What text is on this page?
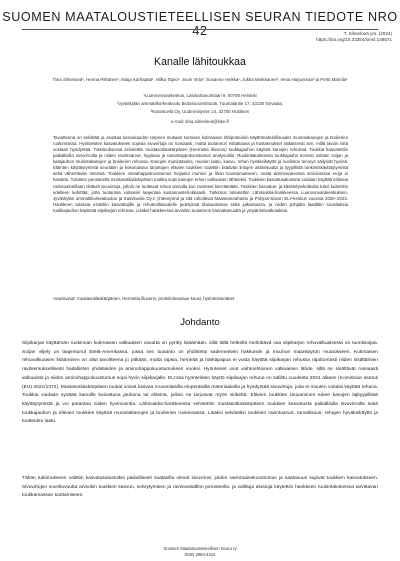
SUOMEN MAATALOUSTIETEELLISEN SEURAN TIEDOTE NRO 42	T. Silmeloeä ym. (2024)
https://doi.org/10.33354/smst.148671
Kanalle lähitoukkaa
Tiina Silmeloeä¹, Henna Pitkänen¹, Maija Karhapää¹, Milka Tapio¹, Jouni Virta¹, Susanne Heikka¹, Jukka Markkanen², Vesa Harjunmaa³ ja Pertti Marnila¹
¹Luonnonvarakeskus, Latokartanonkaari 9, 00790 Helsinki
²Jyväskylän ammattikorkeakoulu Biotalousinstituutti, Tuumalantie 17, 43130 Tarvaala,
³Kasvituvila Oy, Uudenniityntie 14, 32700 Huittinen
e-mail: tiina.silmeloea@luke.fi

Tavoitteena on selvittää ja osoittaa kasvukauden tarpeen mukaan toimivan kotimaisen lähiproteiinin käyttömahdollisuudet munintakanojen ja broilerien ruokinnassa. Hyönteisten kasvatukseen sopivia sivuvirtoja on runsaasti, mutta tuotannon mittakaava ja kustannukset ratkaisevat sen, millä tavoin niitä voidaan hyödyntää. Tutkimuksessa selvitettiin mustasotilaskärpäsen (Hermetia illucens) toukkajauhon käyttöä kanojen rehuissa. Toukkia kasvatettiin paikallisilla sivuvirroilla ja niiden ravintoarvot, hygienia ja rasvahappokoostumus analysoitiin. Ruokintakokeessa toukkajauho korvasi osittain soijan ja kalajauhon munintakanojen ja broilerien rehussa. Kanojen munintatulos, munien laatu, kasvu, rehun hyväksikäyttö ja suoliston terveys säilyivät hyvinä. Eläinten käyttäytymistä seurattiin ja kokonaisina tarjottujen elävien toukkien todettiin lisäävän lintujen aktiivisuutta ja tyypillistä tonkimiskäyttäytymistä sekä vähentävän stressiä. Toukkien rasvahappokoostumus heijastui munien ja lihan koostumukseen, mutta aistinvaraisessa arvioinnissa eroja ei havaittu. Tulosten perusteella mustasotilaskärpäsen toukka sopii kanojen rehun valkuaisen lähteeksi. Toukkien kasvatusalustana voidaan käyttää erilaisia ravintoaineiltaan riittäviä sivuvirtoja, jolloin ne tuottavat rehua samalla kun ravinteet kierrätetään. Toukkien kasvatus- ja käsittelytekniikoita tulee kuitenkin edelleen kehittää, jotta tuotantoa voitaisiin laajentaa kustannustehokkaasti. Tutkimus toteutettiin Lähitoukka-hankkeessa Luonnonvarakeskuksen, Jyväskylän ammattikorkeakoulun ja Kasvituvila Oy:n yhteistyönä ja sitä rahoittivat Maaseuturahasto ja Pohjois-Savon ELY-keskus vuosina 2020–2023. Hankkeen tuloksia esiteltiin kasvattajille ja rehuteollisuudelle pidetyissä tilaisuuksissa sekä julkaisuissa, ja niiden pohjalta laadittiin suosituksia toukkajauhon käytöstä siipikarjan rehussa. Lisäksi hankkeessa arvioitiin tuotannon kannattavuutta ja ympäristövaikutuksia.

Avainsanat: mustasotilaskärpänen, Hermetia illucens, proteiininvaraus kuusi, hyönteistuotteet
Johdanto

Siipikarjan käyttämän ruokinnan kotimaisen valkuaisen osuutta on pyritty lisäämään, sillä tällä hetkellä merkittävä osa siipikarjan rehuvalkuaisesta on tuontisoijaa. Soijan viljely on laajentunut Etelä-Amerikassa, jossa sen tuotanto on yhdistetty sademetsien hakkuisiin ja muuhun maankäytön muutokseen. Kotimaisen rehuvalkuaisen lisääminen on ollut tavoitteena jo pitkään, mutta rapsia, herneitä ja härkäpapua ei voida käyttää siipikarjan rehussa rajattomasti niiden sisältämien ravitsemuksellisesti haitallisten yhdisteiden ja aminohappokoostumuksen vuoksi. Hyönteiset ovat vaihtoehtoinen valkuaisen lähde, sillä ne sisältävät runsaasti valkuaista ja niiden aminohappokoostumus sopii hyvin siipikarjalle. EU:ssa hyönteisten käyttö siipikarjan rehuna on sallittu vuodesta 2021 alkaen (Komission asetus (EU) 2021/1372). Mustasotilaskärpäsen toukat voivat kasvaa monenlaisilla eloperäisillä materiaaleilla ja hyödyntää sivuvirtoja, joita ei muuten voitaisi käyttää rehuna. Toukkia voidaan syöttää kanoille kuivattuna jauhona tai elävinä, jolloin ne tarjoavat myös virikettä. Elävien toukkien tarjoaminen tukee kanojen lajityypillistä käyttäytymistä ja voi parantaa niiden hyvinvointia. Lähitoukka-hankkeessa selvitettiin mustasotilaskärpäsen toukkien kasvatusta paikallisilla sivuvirroilla sekä toukkajauhon ja elävien toukkien käyttöä munintakanojen ja broilerien ruokinnassa. Lisäksi selvitettiin toukkien ravintoarvot, turvallisuus, rehujen hyväksikäyttö ja tuotteiden laatu.

Tähän tutkimukseen valittiin kasvatusalustoiksi paikallisesti saatavilla olevat sivuvirrat, joiden ravintoainekoostumus ja saatavuus sopivat toukkien kasvatukseen. Sivuvirtojen soveltuvuutta arvioitiin toukkien kasvun, selviytymisen ja ravintosisällön perusteella, ja valittuja alustoja käytettiin hankkeen ruokintakokeissa tarvittavan toukkamassan tuottamiseen.

Suomen Maataloustieteellinen Seura ry
ISSN 2984-4312
